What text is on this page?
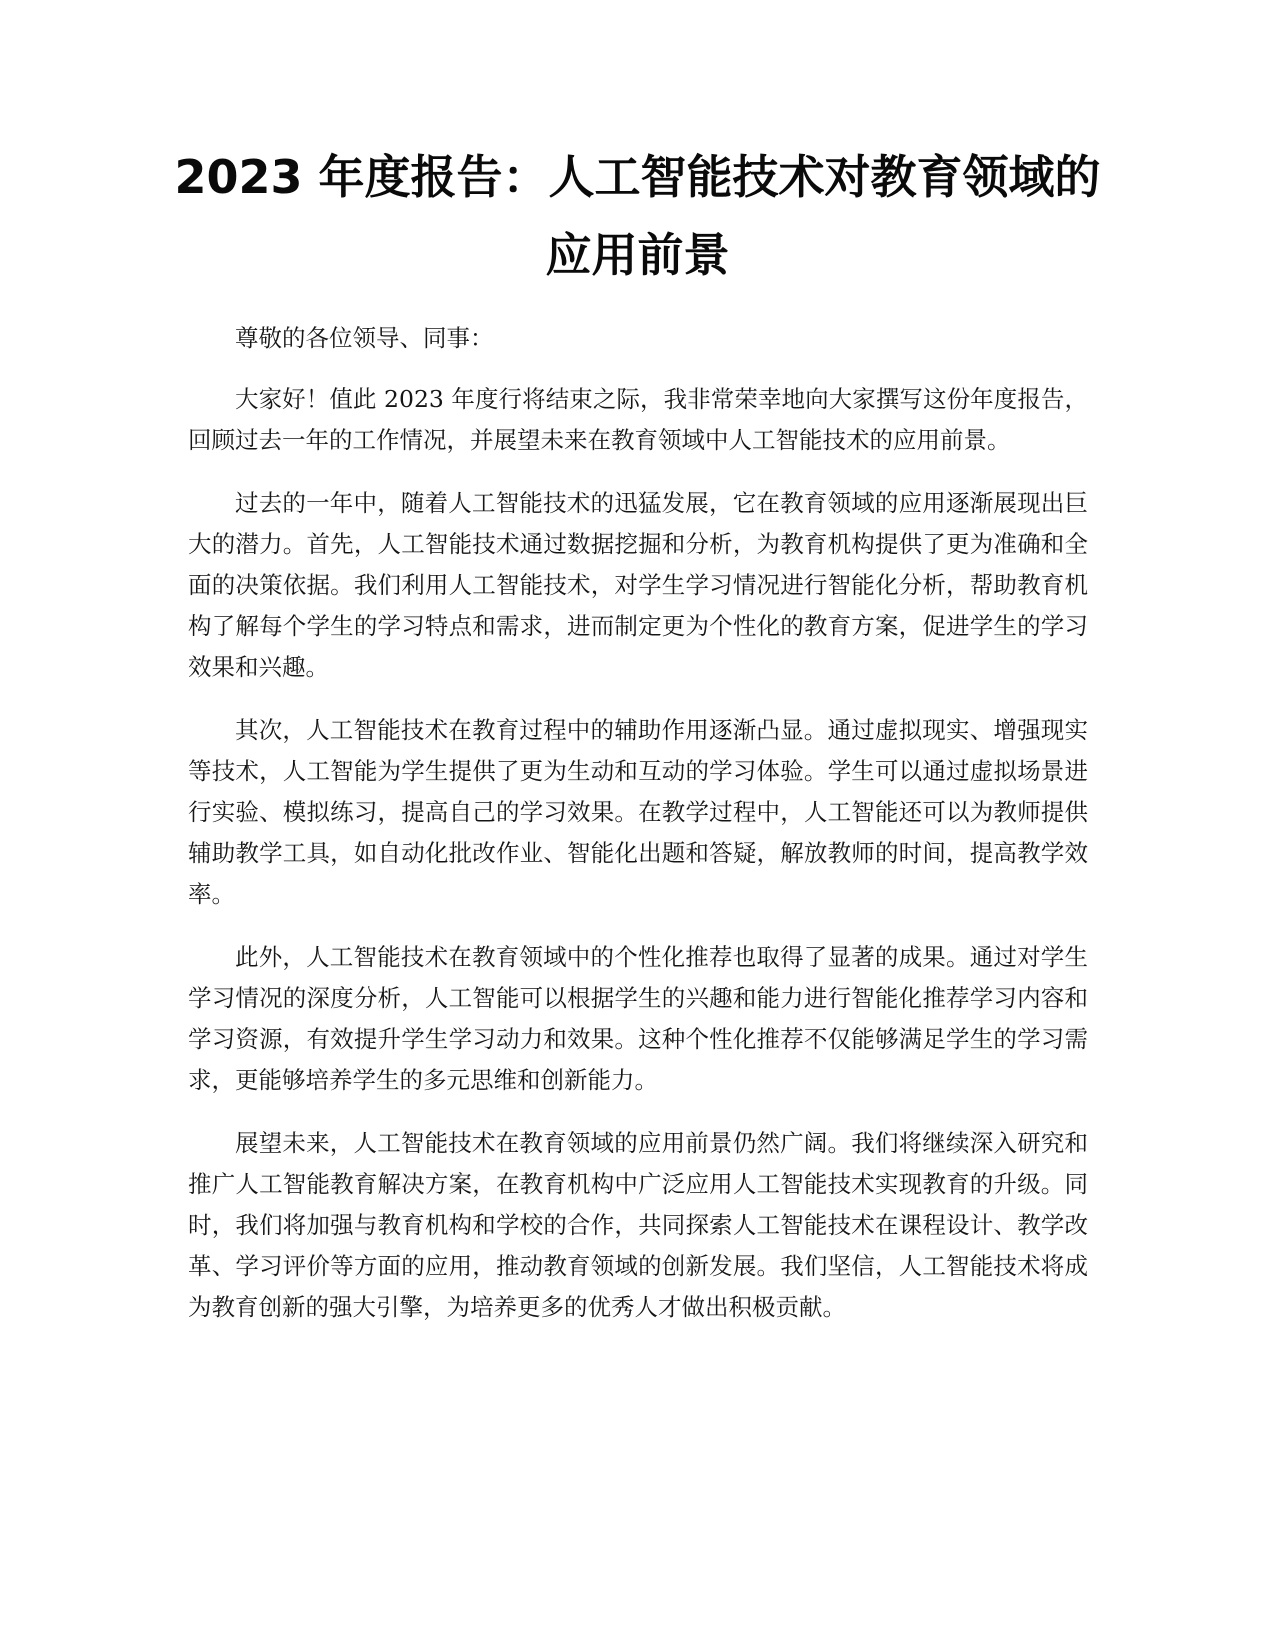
2023 年度报告：人工智能技术对教育领域的
应用前景

尊敬的各位领导、同事：

大家好！值此 2023 年度行将结束之际，我非常荣幸地向大家撰写这份年度报告，回顾过去一年的工作情况，并展望未来在教育领域中人工智能技术的应用前景。

过去的一年中，随着人工智能技术的迅猛发展，它在教育领域的应用逐渐展现出巨大的潜力。首先，人工智能技术通过数据挖掘和分析，为教育机构提供了更为准确和全面的决策依据。我们利用人工智能技术，对学生学习情况进行智能化分析，帮助教育机构了解每个学生的学习特点和需求，进而制定更为个性化的教育方案，促进学生的学习效果和兴趣。

其次，人工智能技术在教育过程中的辅助作用逐渐凸显。通过虚拟现实、增强现实等技术，人工智能为学生提供了更为生动和互动的学习体验。学生可以通过虚拟场景进行实验、模拟练习，提高自己的学习效果。在教学过程中，人工智能还可以为教师提供辅助教学工具，如自动化批改作业、智能化出题和答疑，解放教师的时间，提高教学效率。

此外，人工智能技术在教育领域中的个性化推荐也取得了显著的成果。通过对学生学习情况的深度分析，人工智能可以根据学生的兴趣和能力进行智能化推荐学习内容和学习资源，有效提升学生学习动力和效果。这种个性化推荐不仅能够满足学生的学习需求，更能够培养学生的多元思维和创新能力。

展望未来，人工智能技术在教育领域的应用前景仍然广阔。我们将继续深入研究和推广人工智能教育解决方案，在教育机构中广泛应用人工智能技术实现教育的升级。同时，我们将加强与教育机构和学校的合作，共同探索人工智能技术在课程设计、教学改革、学习评价等方面的应用，推动教育领域的创新发展。我们坚信，人工智能技术将成为教育创新的强大引擎，为培养更多的优秀人才做出积极贡献。
